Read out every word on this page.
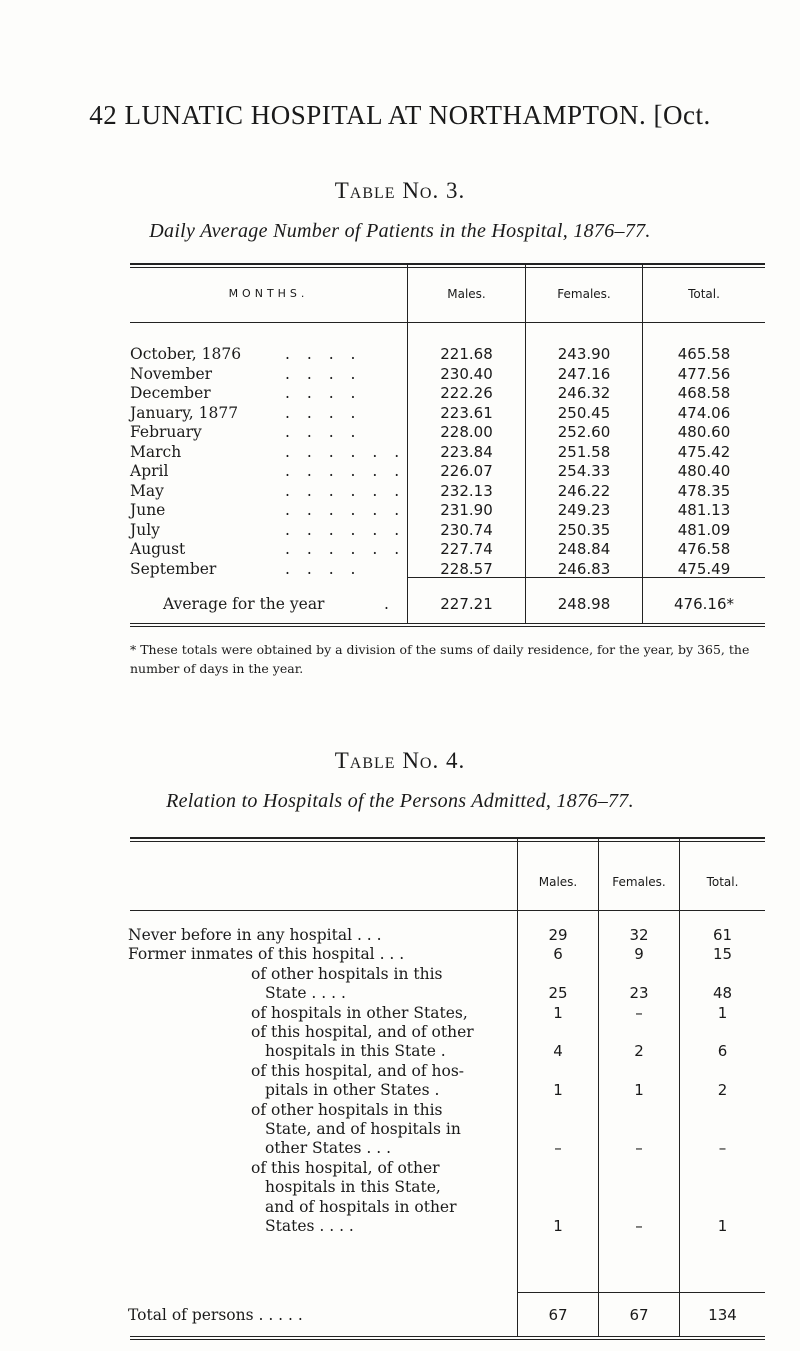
42 LUNATIC HOSPITAL AT NORTHAMPTON. [Oct.
Table No. 3.
Daily Average Number of Patients in the Hospital, 1876–77.
MONTHS.	Males.	Females.	Total.
October, 1876	. . . .	221.68	243.90	465.58
November	. . . .	230.40	247.16	477.56
December	. . . .	222.26	246.32	468.58
January, 1877	. . . .	223.61	250.45	474.06
February	. . . .	228.00	252.60	480.60
March	. . . . . .	223.84	251.58	475.42
April	. . . . . .	226.07	254.33	480.40
May	. . . . . .	232.13	246.22	478.35
June	. . . . . .	231.90	249.23	481.13
July	. . . . . .	230.74	250.35	481.09
August	. . . . . .	227.74	248.84	476.58
September	. . . .	228.57	246.83	475.49
Average for the year	.	227.21	248.98	476.16*
* These totals were obtained by a division of the sums of daily residence, for the year, by 365, the number of days in the year.
Table No. 4.
Relation to Hospitals of the Persons Admitted, 1876–77.
Males.	Females.	Total.
Never before in any hospital . . .	29	32	61
Former inmates of this hospital . . .	6	9	15
of other hospitals in this
State . . . .	25	23	48
of hospitals in other States,	1	–	1
of this hospital, and of other
hospitals in this State .	4	2	6
of this hospital, and of hos-
pitals in other States .	1	1	2
of other hospitals in this
State, and of hospitals in
other States . . .	–	–	–
of this hospital, of other
hospitals in this State,
and of hospitals in other
States . . . .	1	–	1
Total of persons . . . . .	67	67	134
